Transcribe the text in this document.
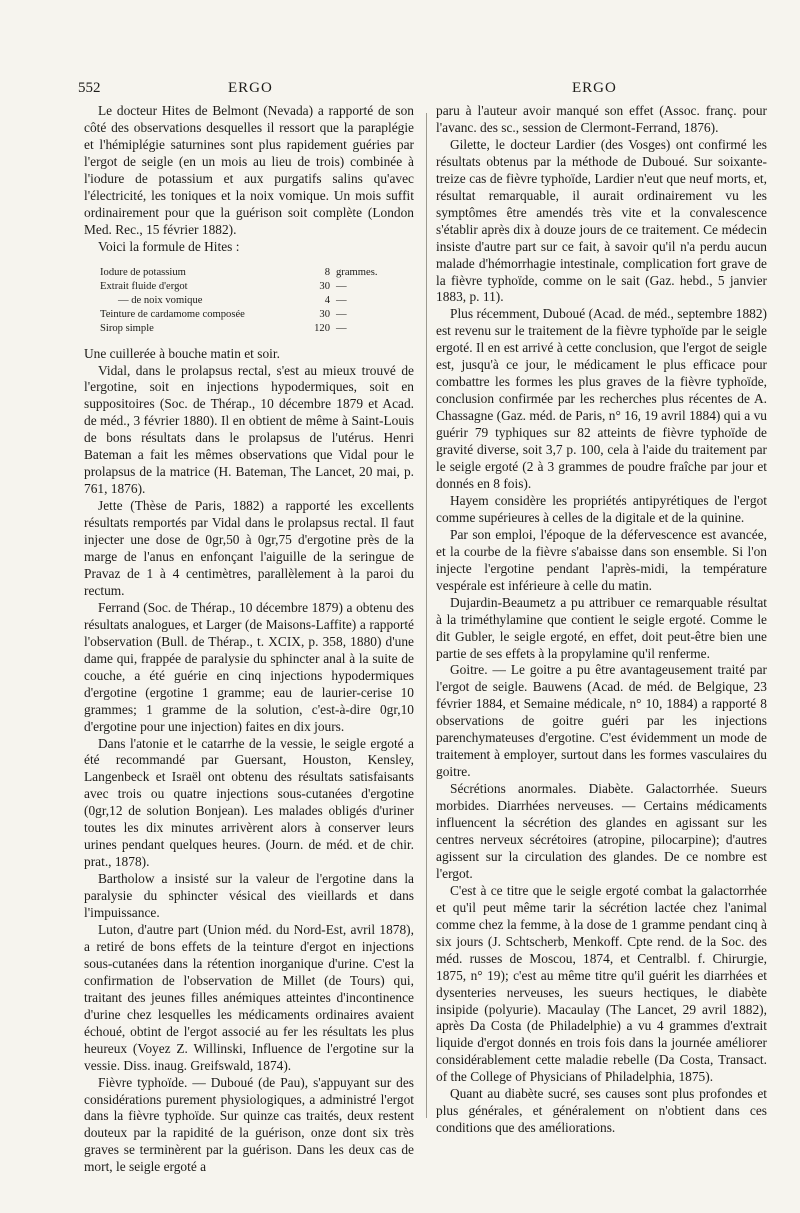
552	ERGO	ERGO

Le docteur Hites de Belmont (Nevada) a rapporté de son côté des observations desquelles il ressort que la paraplégie et l'hémiplégie saturnines sont plus rapidement guéries par l'ergot de seigle (en un mois au lieu de trois) combinée à l'iodure de potassium et aux purgatifs salins qu'avec l'électricité, les toniques et la noix vomique. Un mois suffit ordinairement pour que la guérison soit complète (London Med. Rec., 15 février 1882).

Voici la formule de Hites :

Iodure de potassium	8 grammes.
Extrait fluide d'ergot	30 —
— de noix vomique	4 —
Teinture de cardamome composée	30 —
Sirop simple	120 —

Une cuillerée à bouche matin et soir.

Vidal, dans le prolapsus rectal, s'est au mieux trouvé de l'ergotine, soit en injections hypodermiques, soit en suppositoires (Soc. de Thérap., 10 décembre 1879 et Acad. de méd., 3 février 1880). Il en obtient de même à Saint-Louis de bons résultats dans le prolapsus de l'utérus. Henri Bateman a fait les mêmes observations que Vidal pour le prolapsus de la matrice (H. Bateman, The Lancet, 20 mai, p. 761, 1876).

Jette (Thèse de Paris, 1882) a rapporté les excellents résultats remportés par Vidal dans le prolapsus rectal. Il faut injecter une dose de 0gr,50 à 0gr,75 d'ergotine près de la marge de l'anus en enfonçant l'aiguille de la seringue de Pravaz de 1 à 4 centimètres, parallèlement à la paroi du rectum.

Ferrand (Soc. de Thérap., 10 décembre 1879) a obtenu des résultats analogues, et Larger (de Maisons-Laffite) a rapporté l'observation (Bull. de Thérap., t. XCIX, p. 358, 1880) d'une dame qui, frappée de paralysie du sphincter anal à la suite de couche, a été guérie en cinq injections hypodermiques d'ergotine (ergotine 1 gramme; eau de laurier-cerise 10 grammes; 1 gramme de la solution, c'est-à-dire 0gr,10 d'ergotine pour une injection) faites en dix jours.

Dans l'atonie et le catarrhe de la vessie, le seigle ergoté a été recommandé par Guersant, Houston, Kensley, Langenbeck et Israël ont obtenu des résultats satisfaisants avec trois ou quatre injections sous-cutanées d'ergotine (0gr,12 de solution Bonjean). Les malades obligés d'uriner toutes les dix minutes arrivèrent alors à conserver leurs urines pendant quelques heures. (Journ. de méd. et de chir. prat., 1878).

Bartholow a insisté sur la valeur de l'ergotine dans la paralysie du sphincter vésical des vieillards et dans l'impuissance.

Luton, d'autre part (Union méd. du Nord-Est, avril 1878), a retiré de bons effets de la teinture d'ergot en injections sous-cutanées dans la rétention inorganique d'urine. C'est la confirmation de l'observation de Millet (de Tours) qui, traitant des jeunes filles anémiques atteintes d'incontinence d'urine chez lesquelles les médicaments ordinaires avaient échoué, obtint de l'ergot associé au fer les résultats les plus heureux (Voyez Z. Willinski, Influence de l'ergotine sur la vessie. Diss. inaug. Greifswald, 1874).

Fièvre typhoïde. — Duboué (de Pau), s'appuyant sur des considérations purement physiologiques, a administré l'ergot dans la fièvre typhoïde. Sur quinze cas traités, deux restent douteux par la rapidité de la guérison, onze dont six très graves se terminèrent par la guérison. Dans les deux cas de mort, le seigle ergoté a

paru à l'auteur avoir manqué son effet (Assoc. franç. pour l'avanc. des sc., session de Clermont-Ferrand, 1876).

Gilette, le docteur Lardier (des Vosges) ont confirmé les résultats obtenus par la méthode de Duboué. Sur soixante-treize cas de fièvre typhoïde, Lardier n'eut que neuf morts, et, résultat remarquable, il aurait ordinairement vu les symptômes être amendés très vite et la convalescence s'établir après dix à douze jours de ce traitement. Ce médecin insiste d'autre part sur ce fait, à savoir qu'il n'a perdu aucun malade d'hémorrhagie intestinale, complication fort grave de la fièvre typhoïde, comme on le sait (Gaz. hebd., 5 janvier 1883, p. 11).

Plus récemment, Duboué (Acad. de méd., septembre 1882) est revenu sur le traitement de la fièvre typhoïde par le seigle ergoté. Il en est arrivé à cette conclusion, que l'ergot de seigle est, jusqu'à ce jour, le médicament le plus efficace pour combattre les formes les plus graves de la fièvre typhoïde, conclusion confirmée par les recherches plus récentes de A. Chassagne (Gaz. méd. de Paris, n° 16, 19 avril 1884) qui a vu guérir 79 typhiques sur 82 atteints de fièvre typhoïde de gravité diverse, soit 3,7 p. 100, cela à l'aide du traitement par le seigle ergoté (2 à 3 grammes de poudre fraîche par jour et donnés en 8 fois).

Hayem considère les propriétés antipyrétiques de l'ergot comme supérieures à celles de la digitale et de la quinine.

Par son emploi, l'époque de la défervescence est avancée, et la courbe de la fièvre s'abaisse dans son ensemble. Si l'on injecte l'ergotine pendant l'après-midi, la température vespérale est inférieure à celle du matin.

Dujardin-Beaumetz a pu attribuer ce remarquable résultat à la triméthylamine que contient le seigle ergoté. Comme le dit Gubler, le seigle ergoté, en effet, doit peut-être bien une partie de ses effets à la propylamine qu'il renferme.

Goitre. — Le goitre a pu être avantageusement traité par l'ergot de seigle. Bauwens (Acad. de méd. de Belgique, 23 février 1884, et Semaine médicale, n° 10, 1884) a rapporté 8 observations de goitre guéri par les injections parenchymateuses d'ergotine. C'est évidemment un mode de traitement à employer, surtout dans les formes vasculaires du goitre.

Sécrétions anormales. Diabète. Galactorrhée. Sueurs morbides. Diarrhées nerveuses. — Certains médicaments influencent la sécrétion des glandes en agissant sur les centres nerveux sécrétoires (atropine, pilocarpine); d'autres agissent sur la circulation des glandes. De ce nombre est l'ergot.

C'est à ce titre que le seigle ergoté combat la galactorrhée et qu'il peut même tarir la sécrétion lactée chez l'animal comme chez la femme, à la dose de 1 gramme pendant cinq à six jours (J. Schtscherb, Menkoff. Cpte rend. de la Soc. des méd. russes de Moscou, 1874, et Centralbl. f. Chirurgie, 1875, n° 19); c'est au même titre qu'il guérit les diarrhées et dysenteries nerveuses, les sueurs hectiques, le diabète insipide (polyurie). Macaulay (The Lancet, 29 avril 1882), après Da Costa (de Philadelphie) a vu 4 grammes d'extrait liquide d'ergot donnés en trois fois dans la journée améliorer considérablement cette maladie rebelle (Da Costa, Transact. of the College of Physicians of Philadelphia, 1875).

Quant au diabète sucré, ses causes sont plus profondes et plus générales, et généralement on n'obtient dans ces conditions que des améliorations.
